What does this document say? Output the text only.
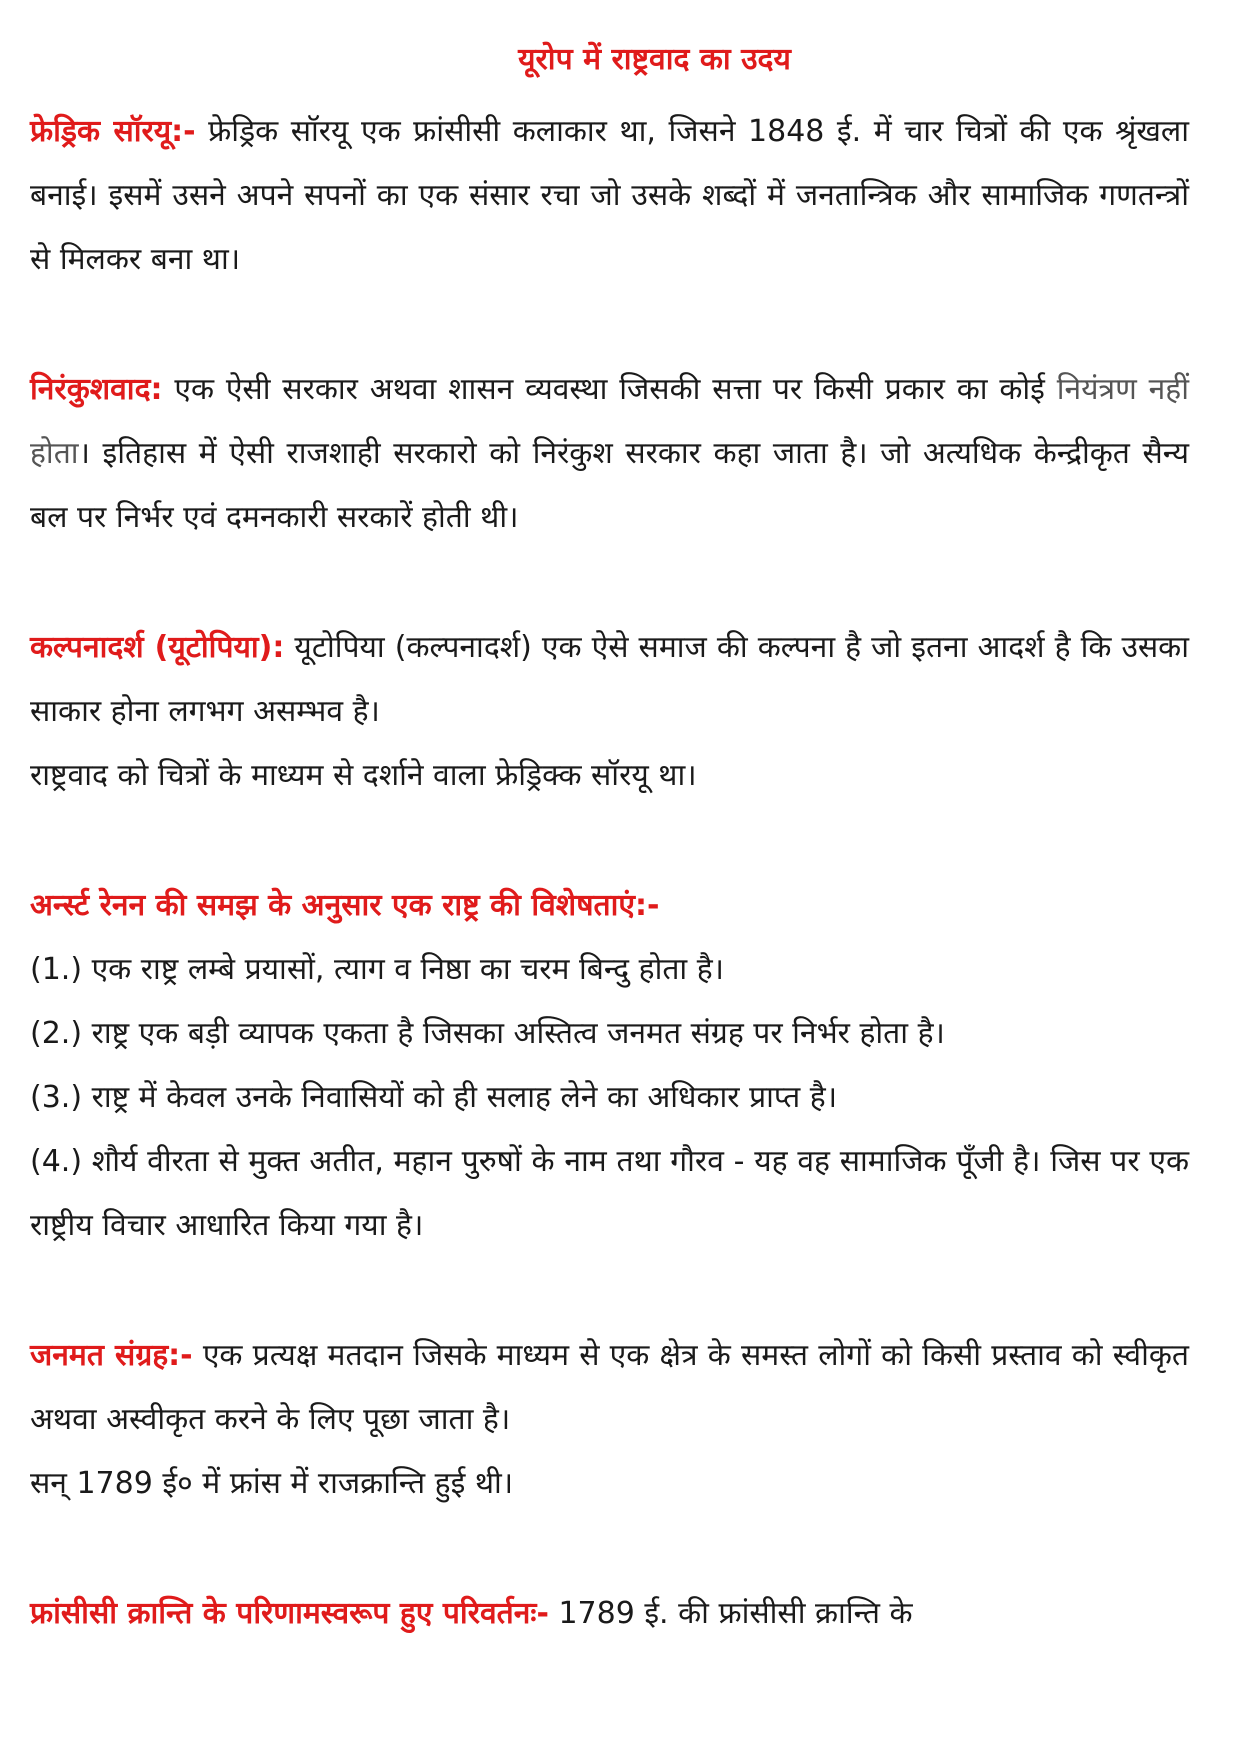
यूरोप में राष्ट्रवाद का उदय

फ्रेड्रिक सॉरयू:- फ्रेड्रिक सॉरयू एक फ्रांसीसी कलाकार था, जिसने 1848 ई. में चार चित्रों की एक श्रृंखला बनाई। इसमें उसने अपने सपनों का एक संसार रचा जो उसके शब्दों में जनतान्त्रिक और सामाजिक गणतन्त्रों से मिलकर बना था।

निरंकुशवाद: एक ऐसी सरकार अथवा शासन व्यवस्था जिसकी सत्ता पर किसी प्रकार का कोई नियंत्रण नहीं होता। इतिहास में ऐसी राजशाही सरकारो को निरंकुश सरकार कहा जाता है। जो अत्यधिक केन्द्रीकृत सैन्य बल पर निर्भर एवं दमनकारी सरकारें होती थी।

कल्पनादर्श (यूटोपिया): यूटोपिया (कल्पनादर्श) एक ऐसे समाज की कल्पना है जो इतना आदर्श है कि उसका साकार होना लगभग असम्भव है।

राष्ट्रवाद को चित्रों के माध्यम से दर्शाने वाला फ्रेड्रिक्क सॉरयू था।

अर्न्स्ट रेनन की समझ के अनुसार एक राष्ट्र की विशेषताएं:-

(1.) एक राष्ट्र लम्बे प्रयासों, त्याग व निष्ठा का चरम बिन्दु होता है।

(2.) राष्ट्र एक बड़ी व्यापक एकता है जिसका अस्तित्व जनमत संग्रह पर निर्भर होता है।

(3.) राष्ट्र में केवल उनके निवासियों को ही सलाह लेने का अधिकार प्राप्त है।

(4.) शौर्य वीरता से मुक्त अतीत, महान पुरुषों के नाम तथा गौरव - यह वह सामाजिक पूँजी है। जिस पर एक राष्ट्रीय विचार आधारित किया गया है।

जनमत संग्रह:- एक प्रत्यक्ष मतदान जिसके माध्यम से एक क्षेत्र के समस्त लोगों को किसी प्रस्ताव को स्वीकृत अथवा अस्वीकृत करने के लिए पूछा जाता है।

सन् 1789 ई० में फ्रांस में राजक्रान्ति हुई थी।

फ्रांसीसी क्रान्ति के परिणामस्वरूप हुए परिवर्तनः- 1789 ई. की फ्रांसीसी क्रान्ति के
